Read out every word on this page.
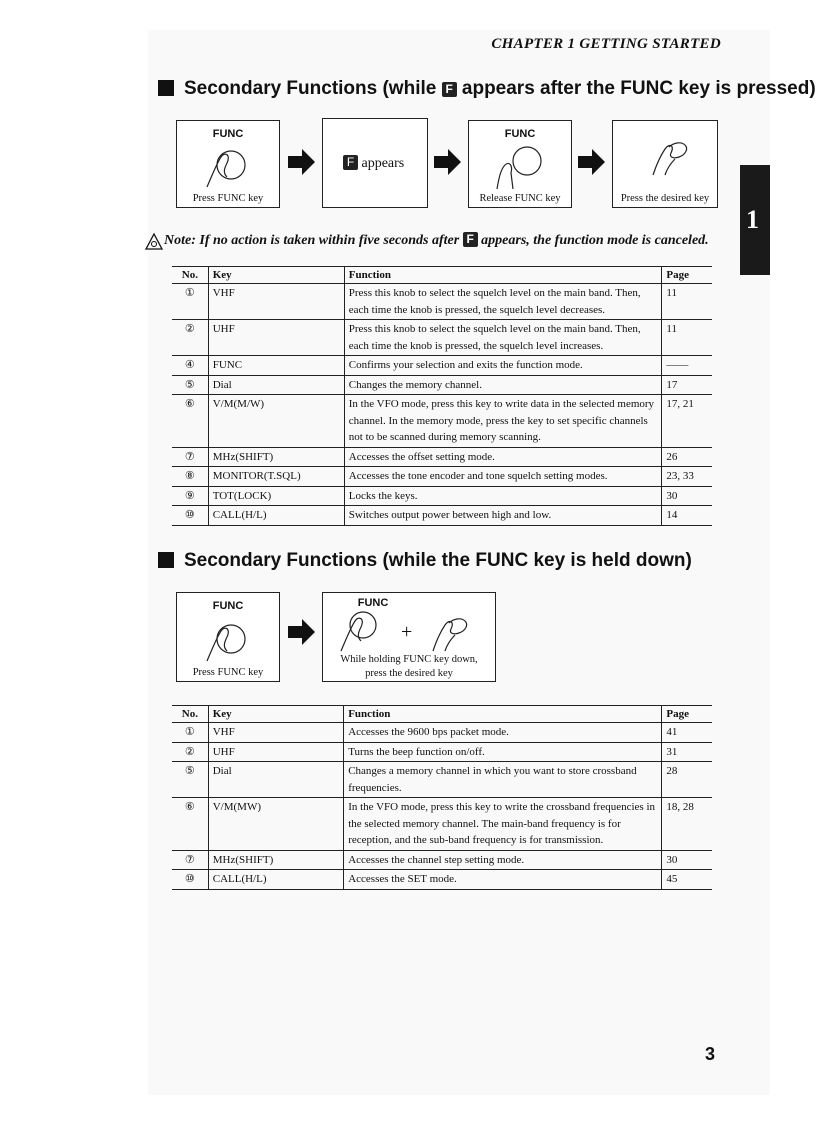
CHAPTER 1 GETTING STARTED
1
Secondary Functions (while F appears after the FUNC key is pressed)
FUNC
Press FUNC key
F appears
FUNC
Release FUNC key	Press the desired key
Note: If no action is taken within five seconds after F appears, the function mode is canceled.
No.	Key	Function	Page
①	VHF	Press this knob to select the squelch level on the main band. Then, each time the knob is pressed, the squelch level decreases.	11
②	UHF	Press this knob to select the squelch level on the main band. Then, each time the knob is pressed, the squelch level increases.	11
④	FUNC	Confirms your selection and exits the function mode.	——
⑤	Dial	Changes the memory channel.	17
⑥	V/M(M/W)	In the VFO mode, press this key to write data in the selected memory channel. In the memory mode, press the key to set specific channels not to be scanned during memory scanning.	17, 21
⑦	MHz(SHIFT)	Accesses the offset setting mode.	26
⑧	MONITOR(T.SQL)	Accesses the tone encoder and tone squelch setting modes.	23, 33
⑨	TOT(LOCK)	Locks the keys.	30
⑩	CALL(H/L)	Switches output power between high and low.	14
Secondary Functions (while the FUNC key is held down)
FUNC
Press FUNC key
FUNC
+
While holding FUNC key down,
press the desired key
No.	Key	Function	Page
①	VHF	Accesses the 9600 bps packet mode.	41
②	UHF	Turns the beep function on/off.	31
⑤	Dial	Changes a memory channel in which you want to store crossband frequencies.	28
⑥	V/M(MW)	In the VFO mode, press this key to write the crossband frequencies in the selected memory channel. The main-band frequency is for reception, and the sub-band frequency is for transmission.	18, 28
⑦	MHz(SHIFT)	Accesses the channel step setting mode.	30
⑩	CALL(H/L)	Accesses the SET mode.	45
3
